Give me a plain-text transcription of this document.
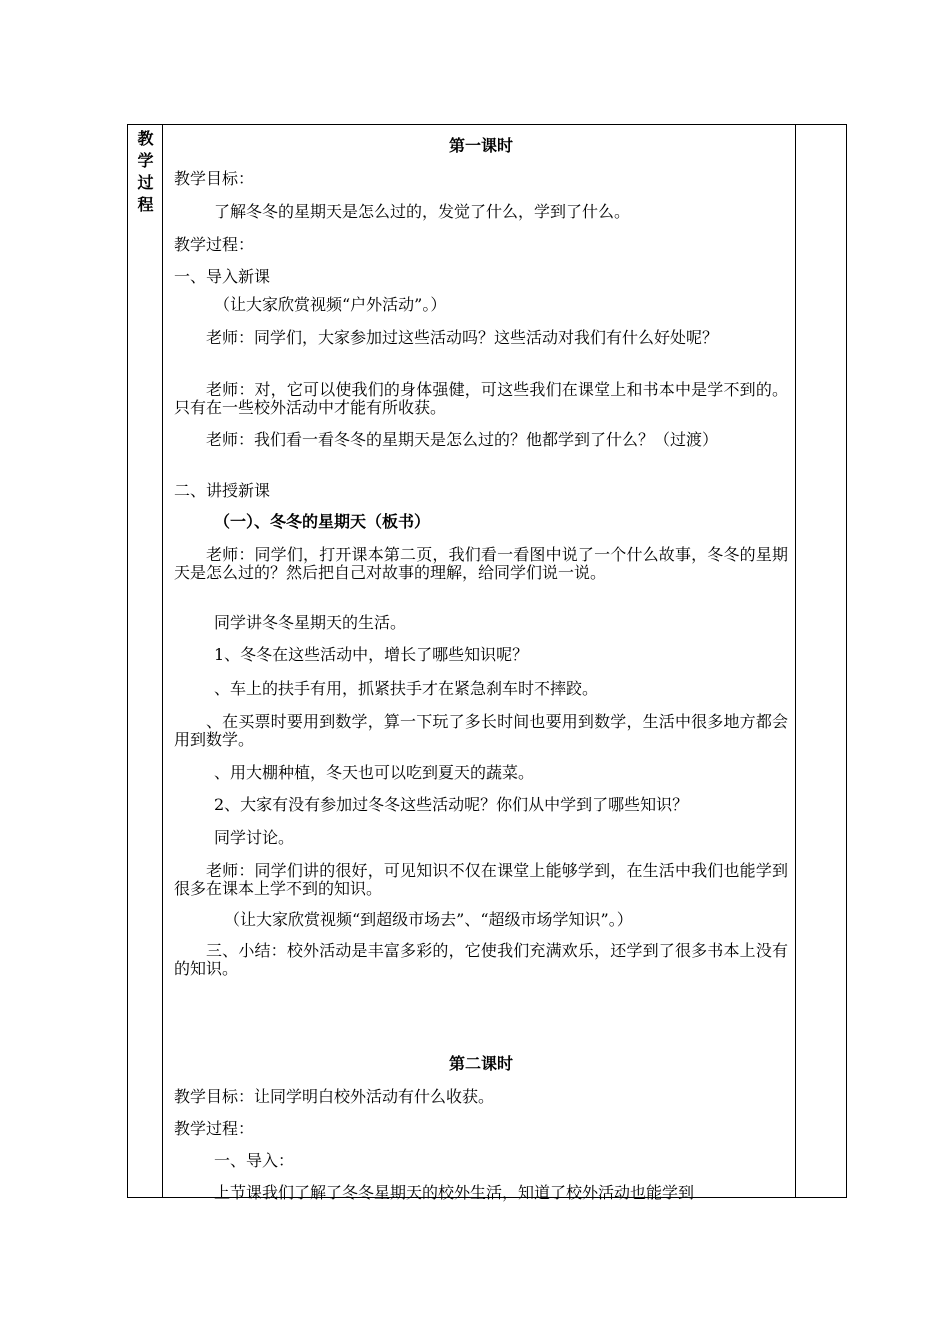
教
学
过
程
第一课时
教学目标：
了解冬冬的星期天是怎么过的，发觉了什么，学到了什么。
教学过程：
一、导入新课
（让大家欣赏视频“户外活动”。）
老师：同学们，大家参加过这些活动吗？这些活动对我们有什么好处呢？
老师：对，它可以使我们的身体强健，可这些我们在课堂上和书本中是学不到的。只有在一些校外活动中才能有所收获。
老师：我们看一看冬冬的星期天是怎么过的？他都学到了什么？（过渡）
二、讲授新课
（一）、冬冬的星期天（板书）
老师：同学们，打开课本第二页，我们看一看图中说了一个什么故事，冬冬的星期天是怎么过的？然后把自己对故事的理解，给同学们说一说。
同学讲冬冬星期天的生活。
1、冬冬在这些活动中，增长了哪些知识呢？
、车上的扶手有用，抓紧扶手才在紧急刹车时不摔跤。
、在买票时要用到数学，算一下玩了多长时间也要用到数学，生活中很多地方都会用到数学。
、用大棚种植，冬天也可以吃到夏天的蔬菜。
2、大家有没有参加过冬冬这些活动呢？你们从中学到了哪些知识？
同学讨论。
老师：同学们讲的很好，可见知识不仅在课堂上能够学到，在生活中我们也能学到很多在课本上学不到的知识。
（让大家欣赏视频“到超级市场去”、“超级市场学知识”。）
三、小结：校外活动是丰富多彩的，它使我们充满欢乐，还学到了很多书本上没有的知识。
第二课时
教学目标：让同学明白校外活动有什么收获。
教学过程：
一、导入：
上节课我们了解了冬冬星期天的校外生活，知道了校外活动也能学到
